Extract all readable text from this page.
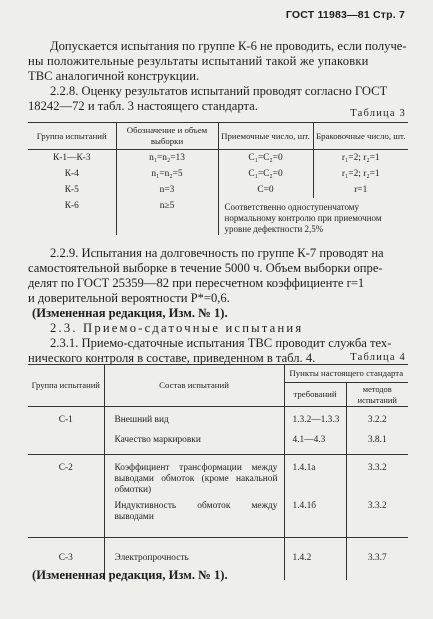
ГОСТ 11983—81 Стр. 7
Допускается испытания по группе К-6 не проводить, если получе-
ны положительные результаты испытаний такой же упаковки
ТВС аналогичной конструкции.
2.2.8. Оценку результатов испытаний проводят согласно ГОСТ
18242—72 и табл. 3 настоящего стандарта.
Таблица 3
Группа испытаний	Обозначение и объем выборки	Приемочные число, шт.	Браковочные число, шт.
К-1—К-3	n₁=n₂=13	C₁=C₂=0	r₁=2; r₂=1
К-4	n₁=n₂=5	C₁=C₂=0	r₁=2; r₂=1
К-5	n=3	C=0	r=1
К-6	n≥5	Соответственно одноступенчатому нормальному контролю при приемочном уровне дефектности 2,5%	
2.2.9. Испытания на долговечность по группе К-7 проводят на
самостоятельной выборке в течение 5000 ч. Объем выборки опре-
делят по ГОСТ 25359—82 при пересчетном коэффициенте r=1
и доверительной вероятности P*=0,6.
(Измененная редакция, Изм. № 1).
2.3. Приемо-сдаточные испытания
2.3.1. Приемо-сдаточные испытания ТВС проводит служба тех-
нического контроля в составе, приведенном в табл. 4.	Таблица 4
Группа испытаний	Состав испытаний	Пункты настоящего стандарта	
		требований	методов испытаний
С-1	Внешний вид	1.3.2—1.3.3	3.2.2
	Качество маркировки	4.1—4.3	3.8.1
С-2	Коэффициент трансформации между выводами обмоток (кроме накальной обмотки)	1.4.1а	3.3.2
	Индуктивность обмоток между выводами	1.4.1б	3.3.2
С-3	Электропрочность	1.4.2	3.3.7
(Измененная редакция, Изм. № 1).
